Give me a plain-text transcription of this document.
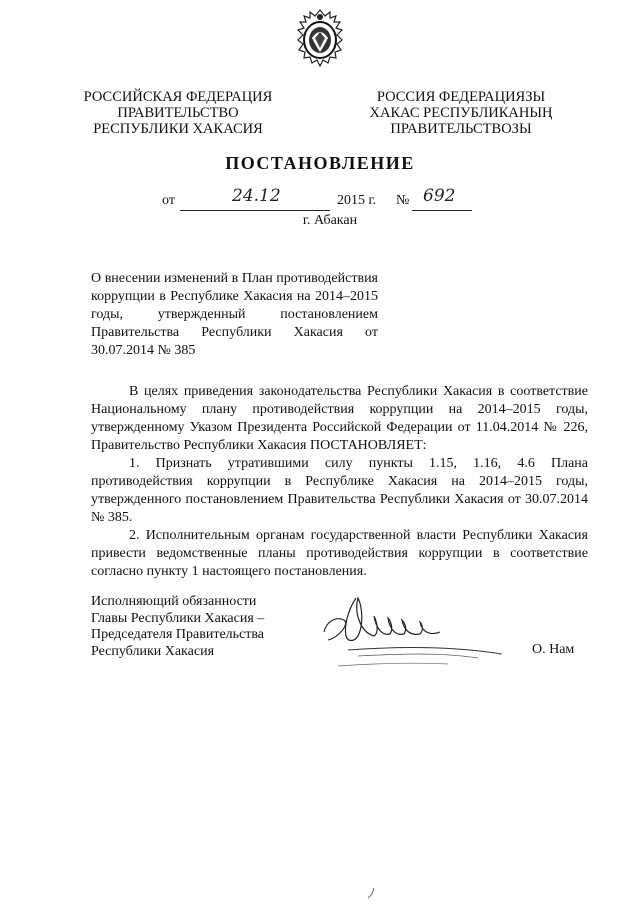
РОССИЙСКАЯ ФЕДЕРАЦИЯ
ПРАВИТЕЛЬСТВО
РЕСПУБЛИКИ ХАКАСИЯ
РОССИЯ ФЕДЕРАЦИЯЗЫ
ХАКАС РЕСПУБЛИКАНЫҢ
ПРАВИТЕЛЬСТВОЗЫ
ПОСТАНОВЛЕНИЕ
от	24.12	2015 г. № 692
г. Абакан

О внесении изменений в План противодействия коррупции в Республике Хакасия на 2014–2015 годы, утвержденный постановлением Правительства Республики Хакасия от 30.07.2014 № 385

В целях приведения законодательства Республики Хакасия в соответствие Национальному плану противодействия коррупции на 2014–2015 годы, утвержденному Указом Президента Российской Федерации от 11.04.2014 № 226, Правительство Республики Хакасия ПОСТАНОВЛЯЕТ:

1. Признать утратившими силу пункты 1.15, 1.16, 4.6 Плана противодействия коррупции в Республике Хакасия на 2014–2015 годы, утвержденного постановлением Правительства Республики Хакасия от 30.07.2014 № 385.

2. Исполнительным органам государственной власти Республики Хакасия привести ведомственные планы противодействия коррупции в соответствие согласно пункту 1 настоящего постановления.

Исполняющий обязанности
Главы Республики Хакасия –
Председателя Правительства
Республики Хакасия	О. Нам
